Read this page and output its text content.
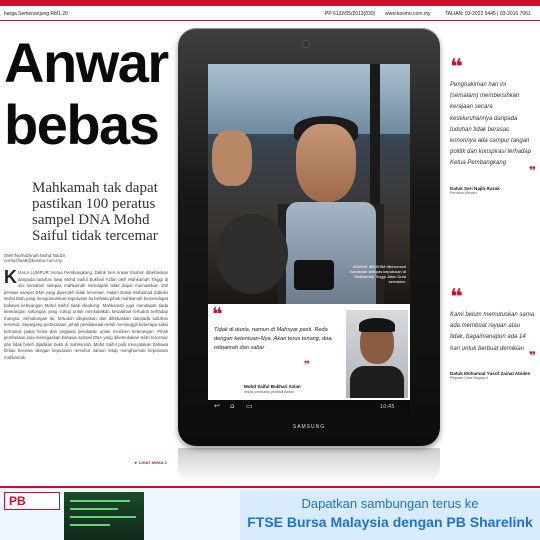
harga Semenanjung RM1.20	PP 6132/05/2013(030) www.kosmo.com.my	TALIAN: 03-2022 5445 | 03-2016 7061
Anwar
bebas
Mahkamah tak dapat pastikan 100 peratus sampel DNA Mohd Saiful tidak tercemar
Oleh Norhazlinah Mohd Nadzir
norhazlinah@kosmo.com.my
KUALA LUMPUR: Ketua Pembangkang, Datuk Seri Anwar Ibrahim dibebaskan daripada tuduhan liwat Mohd Saiful Bukhari Azlan oleh Mahkamah Tinggi di sini semalam selepas mahkamah mendapati tidak dapat memastikan 100 peratus sampel DNA yang diperoleh tidak tercemar. Hakim Datuk Mohamad Zabidin Mohd Diah yang mengumumkan keputusan itu berkata pihak mahkamah berpendapat bahawa keterangan Mohd Saiful tidak disokong. Mahkamah juga mendapati tiada keterangan sokongan yang cukup untuk mensabitkan kesalahan tertuduh terhadap mangsa. Sehubungan itu, tertuduh dilepaskan dan dibebaskan daripada tuduhan tersebut. Sepanjang perbicaraan, pihak pendakwaan telah memanggil beberapa saksi termasuk pakar kimia dan pegawai perubatan untuk memberi keterangan. Pihak pembelaan pula menegaskan bahawa sampel DNA yang dikemukakan telah tercemar dan tidak boleh dijadikan bukti di mahkamah. Mohd Saiful pula menyatakan bahawa beliau kecewa dengan keputusan tersebut namun tetap menghormati keputusan mahkamah.
► LIHAT MUKA 2
ANWAR IBRAHIM dikerumuni wartawan selepas keputusan di Mahkamah Tinggi Jalan Duta semalam.
❝
Tidak di dunia, namun di Mahsyar pasti. Reda dengan ketentuan-Nya. Akan terus tenang, doa, istiqamah dan sabar
❞
Mohd Saiful Bukhari Azlan
bekas pembantu peribadi Anwar
↩ ⌂ ▭	10:45
SAMSUNG
❝
Penghakiman hari ini (semalam) membersihkan kerajaan secara keseluruhannya daripada tuduhan tidak berasas kononnya ada campur tangan politik dan konspirasi terhadap Ketua Pembangkang
❞
Datuk Seri Najib Razak
Perdana Menteri
❝
Kami belum memutuskan sama ada membuat rayuan atau tidak, bagaimanapun ada 14 hari untuk berbuat demikian
❞
Datuk Mohamad Yusof Zainal Abiden
Peguam Cara Negara II
PB	Dapatkan sambungan terus ke
FTSE Bursa Malaysia dengan PB Sharelink
